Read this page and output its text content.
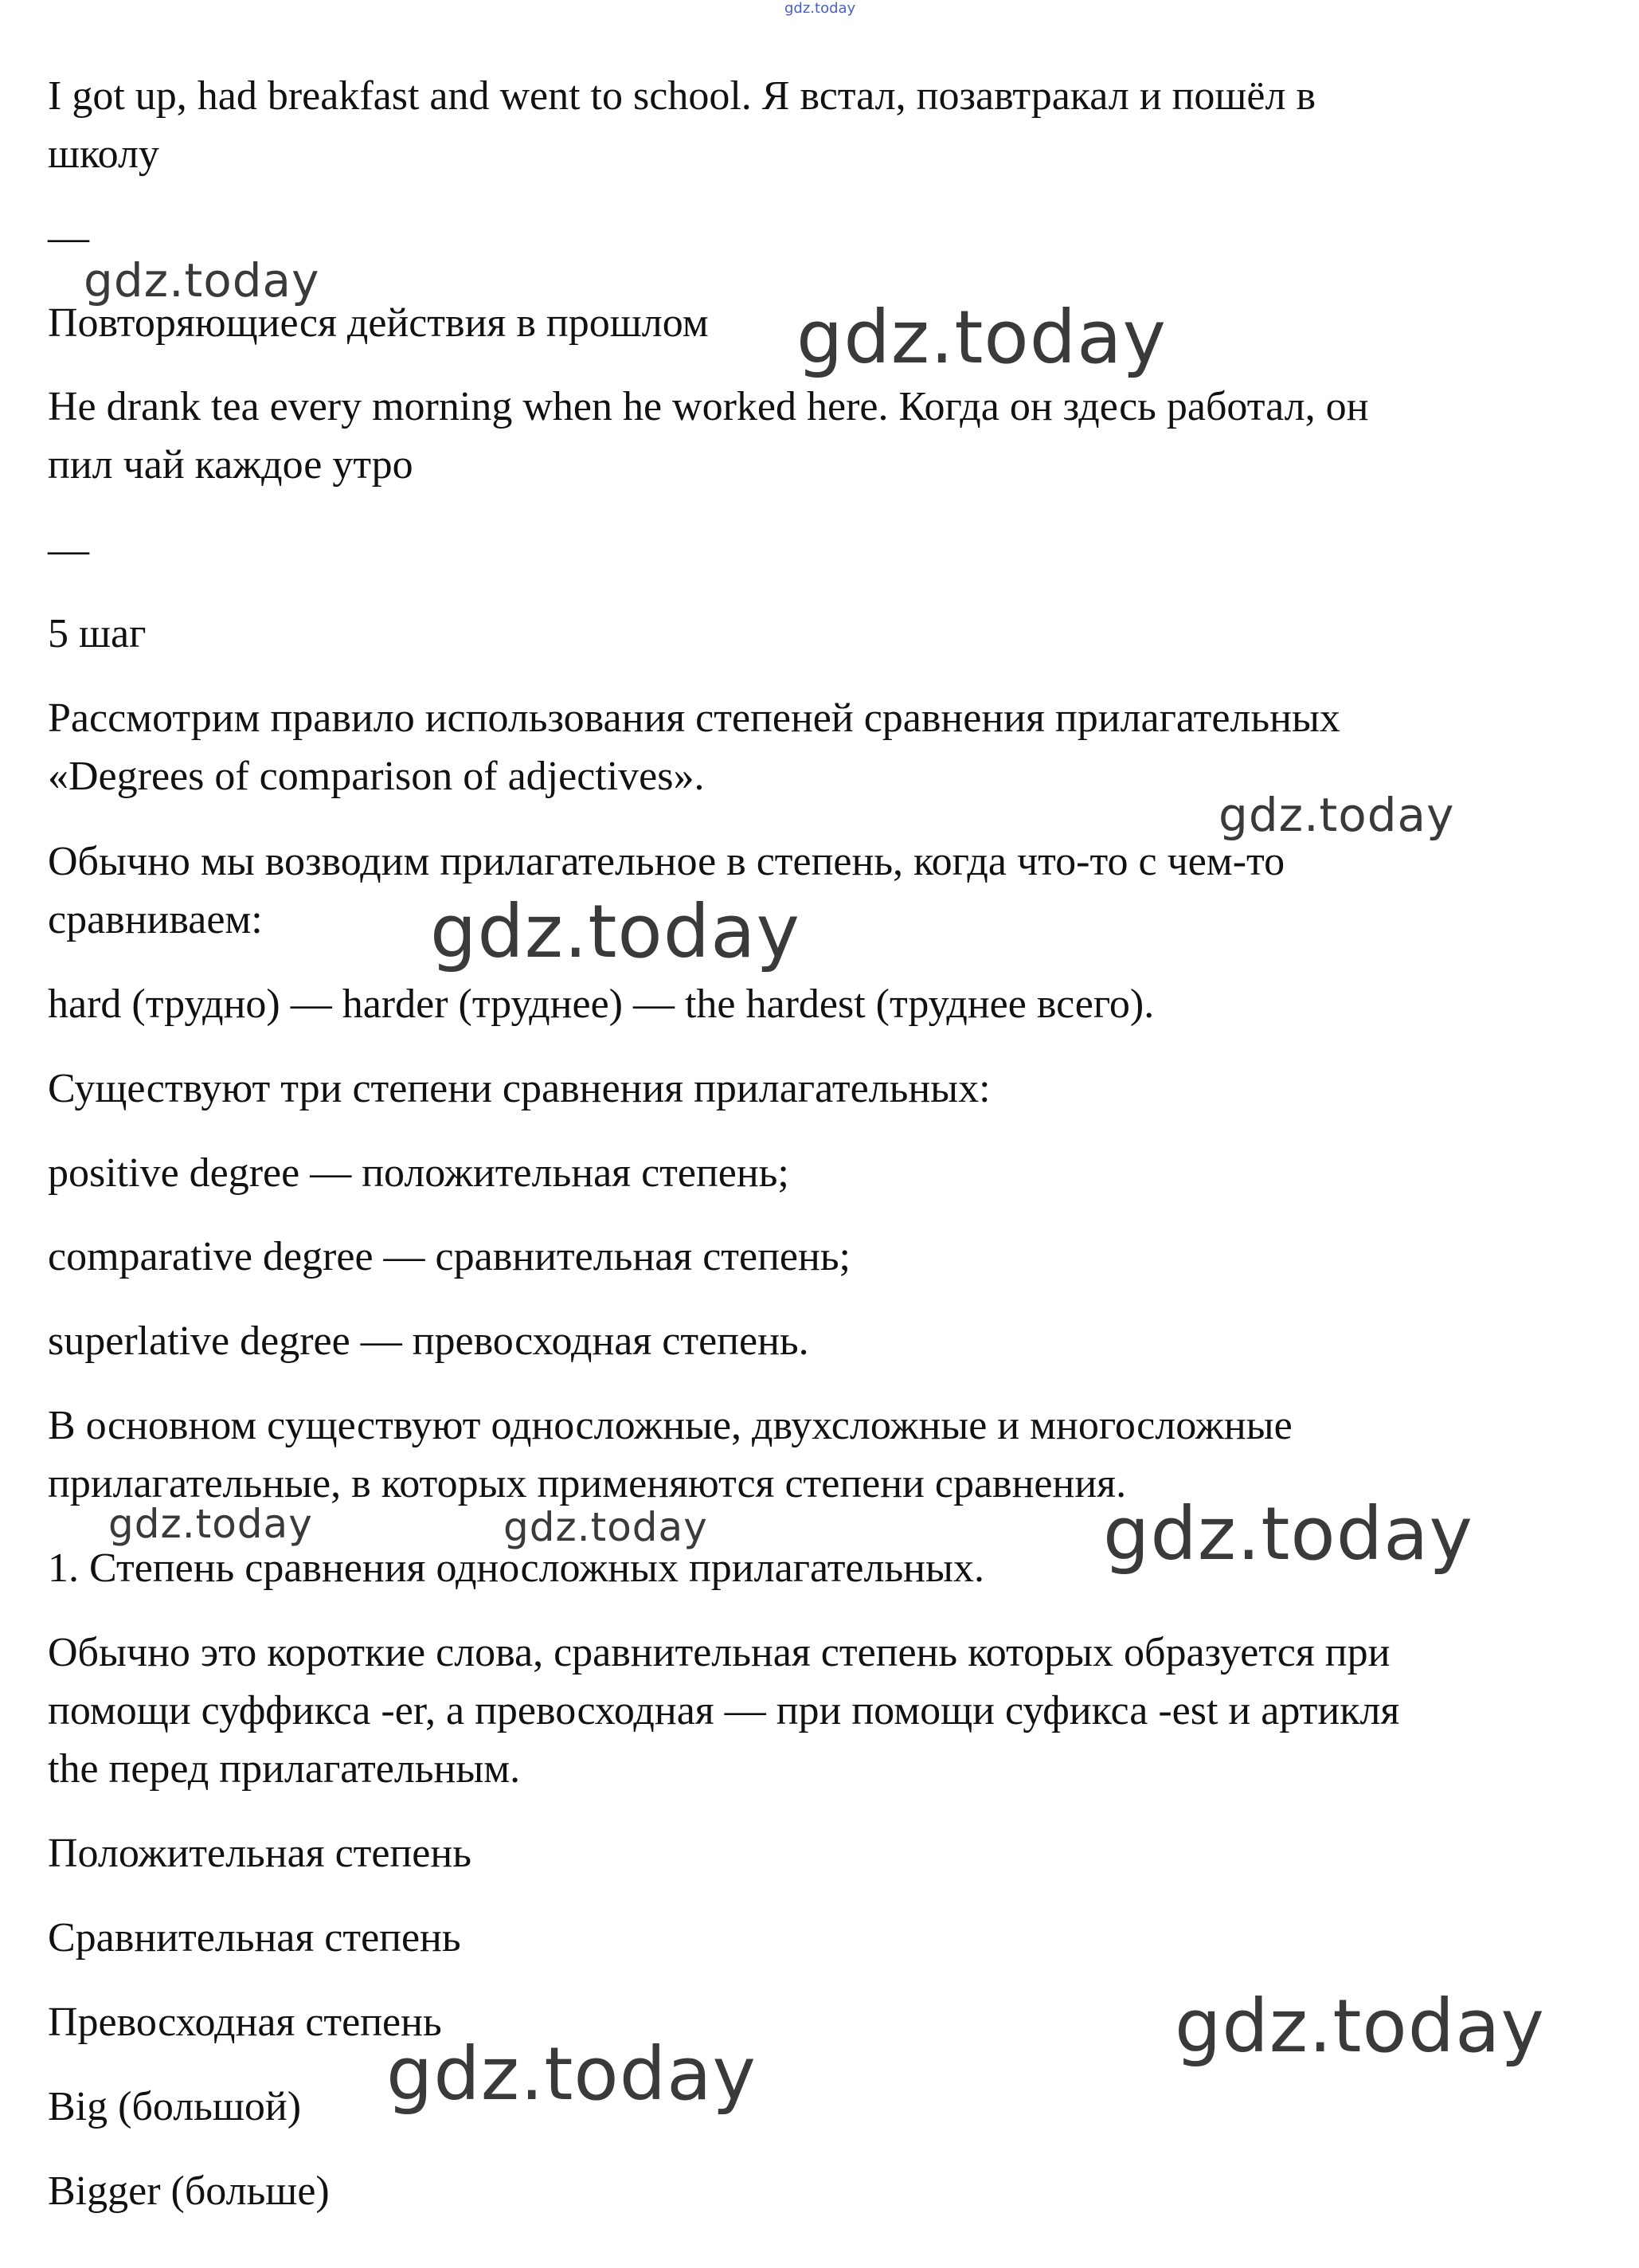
gdz.today

I got up, had breakfast and went to school. Я встал, позавтракал и пошёл в

школу

—

Повторяющиеся действия в прошлом

He drank tea every morning when he worked here. Когда он здесь работал, он

пил чай каждое утро

—

5 шаг

Рассмотрим правило использования степеней сравнения прилагательных

«Degrees of comparison of adjectives».

Обычно мы возводим прилагательное в степень, когда что-то с чем-то

сравниваем:

hard (трудно) — harder (труднее) — the hardest (труднее всего).

Существуют три степени сравнения прилагательных:

positive degree — положительная степень;

comparative degree — сравнительная степень;

superlative degree — превосходная степень.

В основном существуют односложные, двухсложные и многосложные

прилагательные, в которых применяются степени сравнения.

1. Степень сравнения односложных прилагательных.

Обычно это короткие слова, сравнительная степень которых образуется при

помощи суффикса -er, а превосходная — при помощи суфикса -est и артикля

the перед прилагательным.

Положительная степень

Сравнительная степень

Превосходная степень

Big (большой)

Bigger (больше)

gdz.today
gdz.today
gdz.today
gdz.today
gdz.today	gdz.today	gdz.today
gdz.today
gdz.today
